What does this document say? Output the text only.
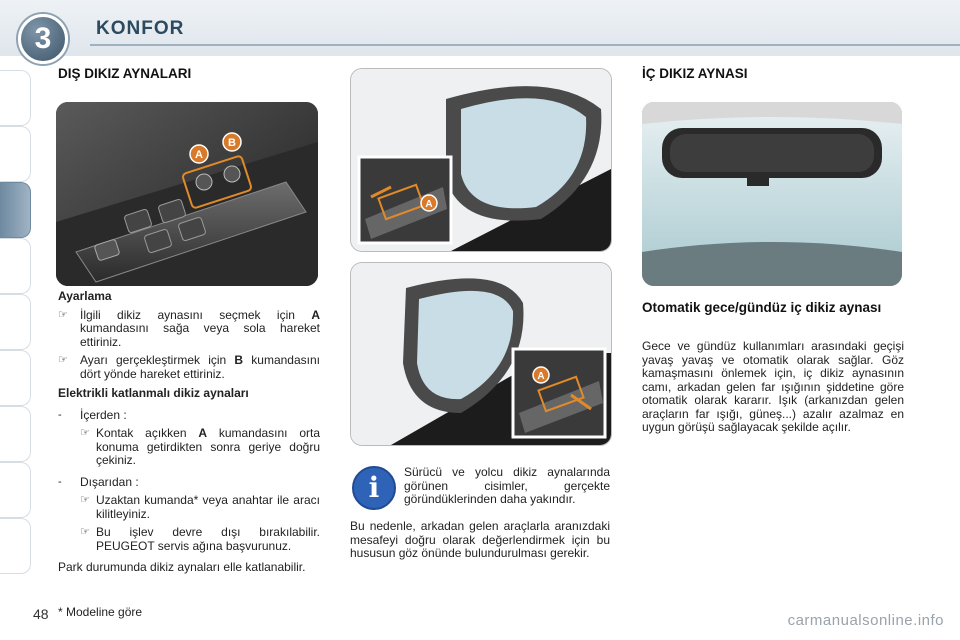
3	KONFOR
DIŞ DIKIZ AYNALARI
A
B

Ayarlama

☞	İlgili dikiz aynasını seçmek için A kumandasını sağa veya sola hareket ettiriniz.
☞	Ayarı gerçekleştirmek için B kumandasını dört yönde hareket ettiriniz.

Elektrikli katlanmalı dikiz aynaları

-	İçerden :
☞ Kontak açıkken A kumandasını orta konuma getirdikten sonra geriye doğru çekiniz.
-	Dışarıdan :
☞ Uzaktan kumanda* veya anahtar ile aracı kilitleyiniz.
☞ Bu işlev devre dışı bırakılabilir. PEUGEOT servis ağına başvurunuz.

Park durumunda dikiz aynaları elle katlanabilir.

A
A
i	Sürücü ve yolcu dikiz aynalarında görünen cisimler, gerçekte göründüklerinden daha yakındır.
Bu nedenle, arkadan gelen araçlarla aranızdaki mesafeyi doğru olarak değerlendirmek için bu hususun göz önünde bulundurulması gerekir.
İÇ DIKIZ AYNASI
Otomatik gece/gündüz iç dikiz aynası
Gece ve gündüz kullanımları arasındaki geçişi yavaş yavaş ve otomatik olarak sağlar. Göz kamaşmasını önlemek için, iç dikiz aynasının camı, arkadan gelen far ışığının şiddetine göre otomatik olarak kararır. Işık (arkanızdan gelen araçların far ışığı, güneş...) azalır azalmaz en uygun görüşü sağlayacak şekilde açılır.
48 * Modeline göre	carmanualsonline.info
